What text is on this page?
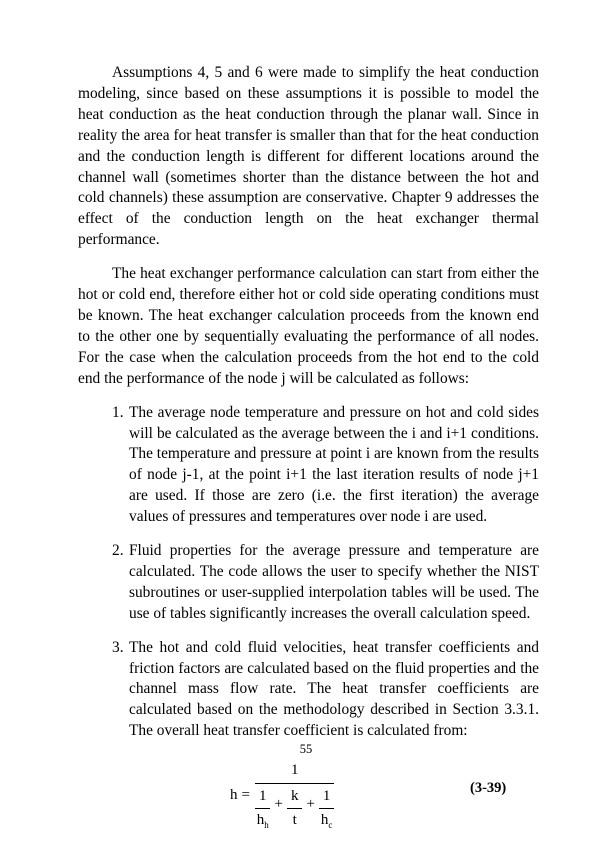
Assumptions 4, 5 and 6 were made to simplify the heat conduction modeling, since based on these assumptions it is possible to model the heat conduction as the heat conduction through the planar wall. Since in reality the area for heat transfer is smaller than that for the heat conduction and the conduction length is different for different locations around the channel wall (sometimes shorter than the distance between the hot and cold channels) these assumption are conservative. Chapter 9 addresses the effect of the conduction length on the heat exchanger thermal performance.

The heat exchanger performance calculation can start from either the hot or cold end, therefore either hot or cold side operating conditions must be known. The heat exchanger calculation proceeds from the known end to the other one by sequentially evaluating the performance of all nodes. For the case when the calculation proceeds from the hot end to the cold end the performance of the node j will be calculated as follows:

1. The average node temperature and pressure on hot and cold sides will be calculated as the average between the i and i+1 conditions. The temperature and pressure at point i are known from the results of node j-1, at the point i+1 the last iteration results of node j+1 are used. If those are zero (i.e. the first iteration) the average values of pressures and temperatures over node i are used.
2. Fluid properties for the average pressure and temperature are calculated. The code allows the user to specify whether the NIST subroutines or user-supplied interpolation tables will be used. The use of tables significantly increases the overall calculation speed.
3. The hot and cold fluid velocities, heat transfer coefficients and friction factors are calculated based on the fluid properties and the channel mass flow rate. The heat transfer coefficients are calculated based on the methodology described in Section 3.3.1. The overall heat transfer coefficient is calculated from:
h =
1
$\frac{1}{h_h} + \frac{k}{t} + \frac{1}{h_c}$	(3-39)
55
